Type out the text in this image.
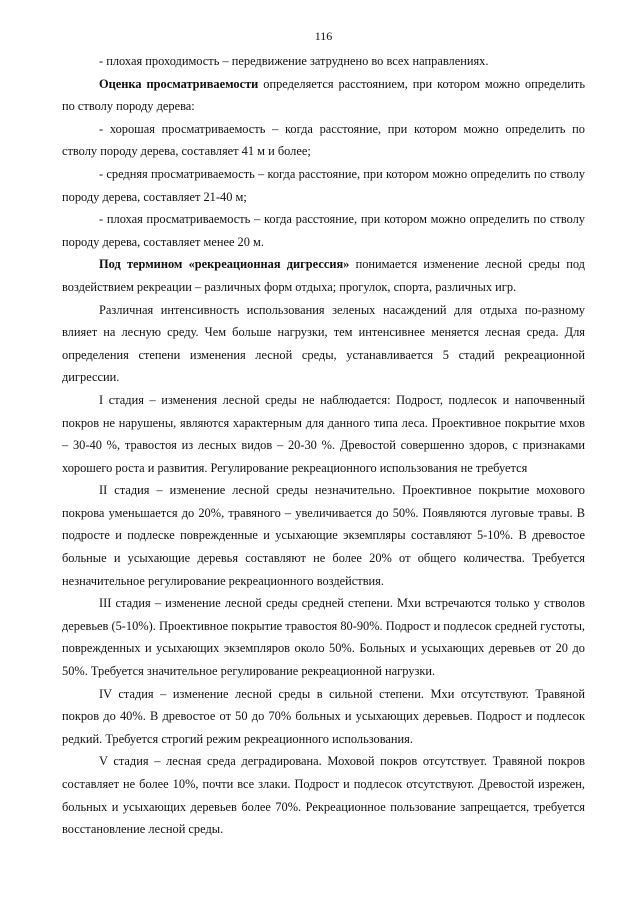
116

- плохая проходимость – передвижение затруднено во всех направлениях.

Оценка просматриваемости определяется расстоянием, при котором можно определить по стволу породу дерева:

- хорошая просматриваемость – когда расстояние, при котором можно определить по стволу породу дерева, составляет 41 м и более;

- средняя просматриваемость – когда расстояние, при котором можно определить по стволу породу дерева, составляет 21-40 м;

- плохая просматриваемость – когда расстояние, при котором можно определить по стволу породу дерева, составляет менее 20 м.

Под термином «рекреационная дигрессия» понимается изменение лесной среды под воздействием рекреации – различных форм отдыха; прогулок, спорта, различных игр.

Различная интенсивность использования зеленых насаждений для отдыха по-разному влияет на лесную среду. Чем больше нагрузки, тем интенсивнее меняется лесная среда. Для определения степени изменения лесной среды, устанавливается 5 стадий рекреационной дигрессии.

I стадия – изменения лесной среды не наблюдается: Подрост, подлесок и напочвенный покров не нарушены, являются характерным для данного типа леса. Проективное покрытие мхов – 30-40 %, травостоя из лесных видов – 20-30 %. Древостой совершенно здоров, с признаками хорошего роста и развития. Регулирование рекреационного использования не требуется

II стадия – изменение лесной среды незначительно. Проективное покрытие мохового покрова уменьшается до 20%, травяного – увеличивается до 50%. Появляются луговые травы. В подросте и подлеске поврежденные и усыхающие экземпляры составляют 5-10%. В древостое больные и усыхающие деревья составляют не более 20% от общего количества. Требуется незначительное регулирование рекреационного воздействия.

III стадия – изменение лесной среды средней степени. Мхи встречаются только у стволов деревьев (5-10%). Проективное покрытие травостоя 80-90%. Подрост и подлесок средней густоты, поврежденных и усыхающих экземпляров около 50%. Больных и усыхающих деревьев от 20 до 50%. Требуется значительное регулирование рекреационной нагрузки.

IV стадия – изменение лесной среды в сильной степени. Мхи отсутствуют. Травяной покров до 40%. В древостое от 50 до 70% больных и усыхающих деревьев. Подрост и подлесок редкий. Требуется строгий режим рекреационного использования.

V стадия – лесная среда деградирована. Моховой покров отсутствует. Травяной покров составляет не более 10%, почти все злаки. Подрост и подлесок отсутствуют. Древостой изрежен, больных и усыхающих деревьев более 70%. Рекреационное пользование запрещается, требуется восстановление лесной среды.
